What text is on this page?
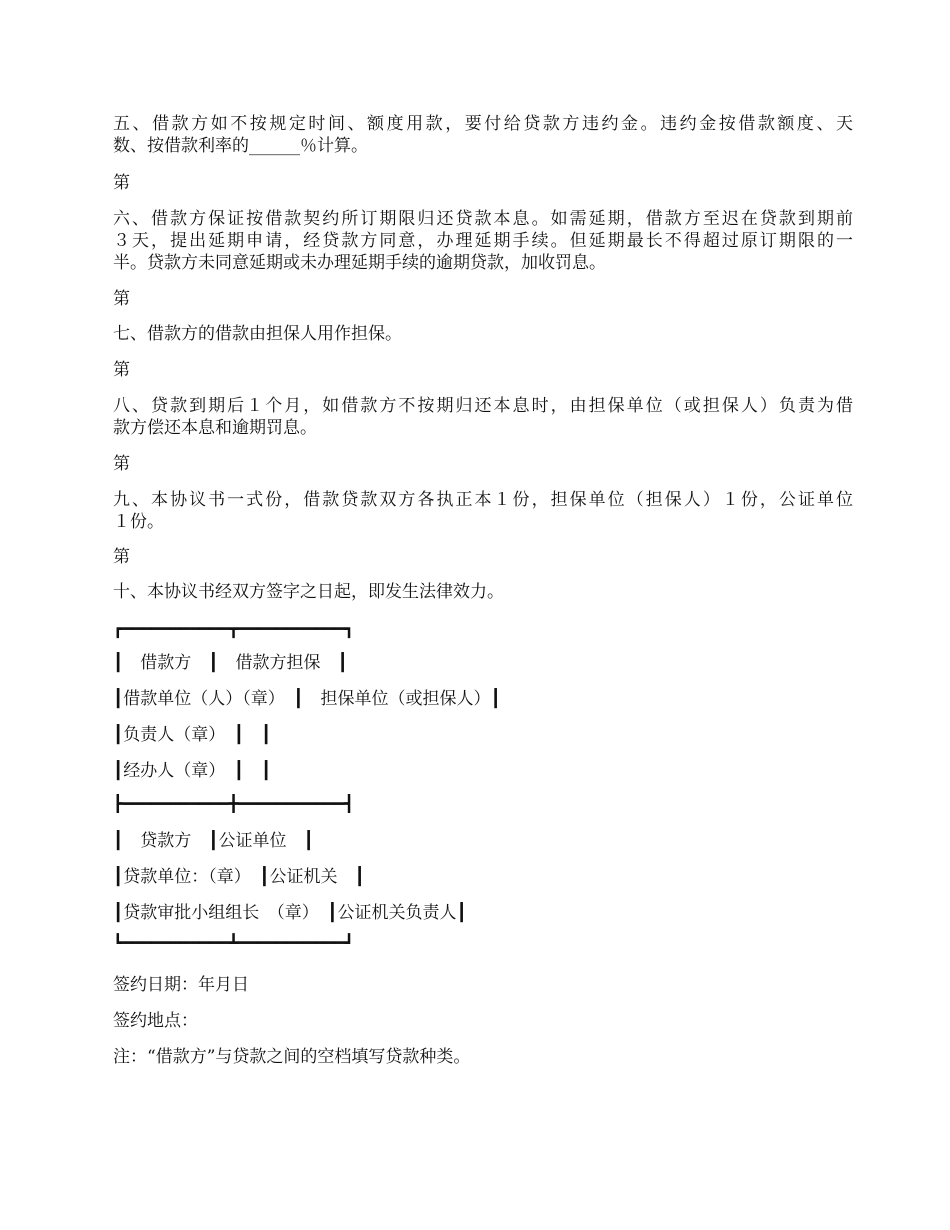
五、借款方如不按规定时间、额度用款，要付给贷款方违约金。违约金按借款额度、天
数、按借款利率的______％计算。
第
六、借款方保证按借款契约所订期限归还贷款本息。如需延期，借款方至迟在贷款到期前
３天，提出延期申请，经贷款方同意，办理延期手续。但延期最长不得超过原订期限的一
半。贷款方未同意延期或未办理延期手续的逾期贷款，加收罚息。
第
七、借款方的借款由担保人用作担保。
第
八、贷款到期后１个月，如借款方不按期归还本息时，由担保单位（或担保人）负责为借
款方偿还本息和逾期罚息。
第
九、本协议书一式份，借款贷款双方各执正本１份，担保单位（担保人）１份，公证单位
１份。
第
十、本协议书经双方签字之日起，即发生法律效力。
┏━━━━━━━━━━━┳━━━━━━━━━━━┓
┃　借款方　┃　借款方担保　┃
┃借款单位（人）（章）　┃　担保单位（或担保人）┃
┃负责人（章）　┃　┃
┃经办人（章）　┃　┃
┣━━━━━━━━━━━╋━━━━━━━━━━━┫
┃　贷款方　┃公证单位　┃
┃贷款单位：（章）　┃公证机关　┃
┃贷款审批小组组长　（章）　┃公证机关负责人┃
┗━━━━━━━━━━━┻━━━━━━━━━━━┛
签约日期：年月日
签约地点：
注：“借款方”与贷款之间的空档填写贷款种类。
